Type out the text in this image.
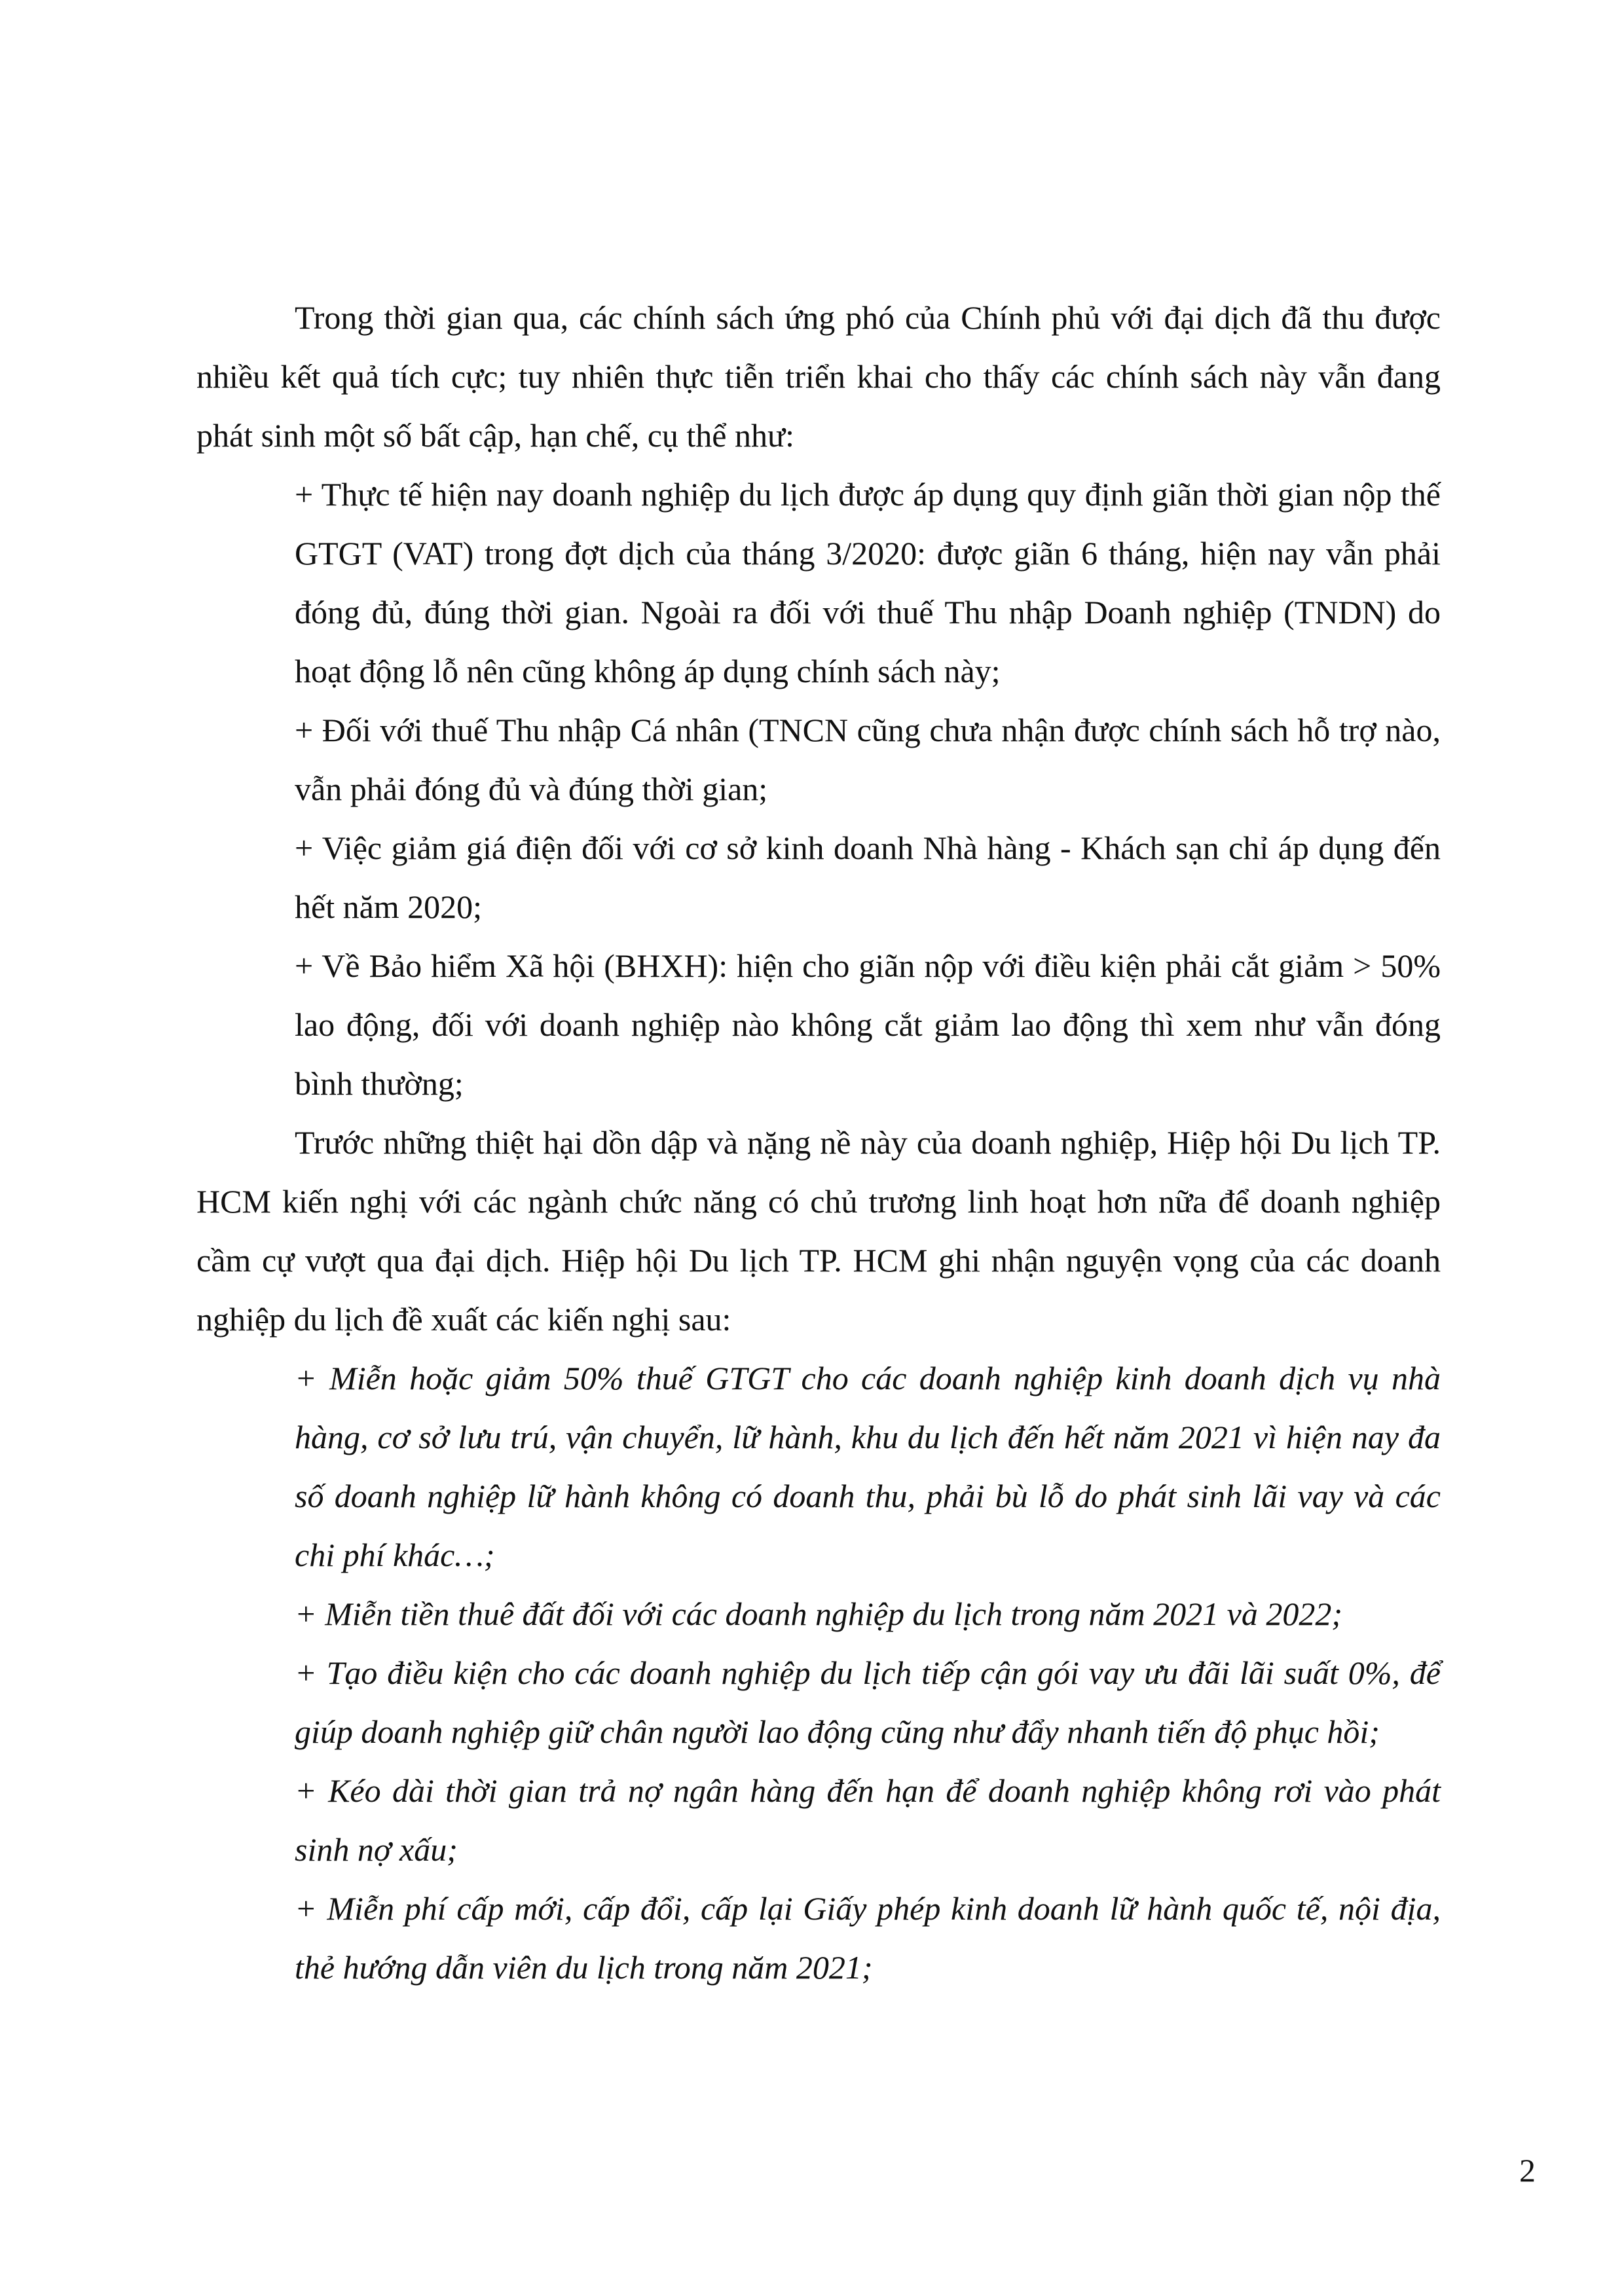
Trong thời gian qua, các chính sách ứng phó của Chính phủ với đại dịch đã thu được nhiều kết quả tích cực; tuy nhiên thực tiễn triển khai cho thấy các chính sách này vẫn đang phát sinh một số bất cập, hạn chế, cụ thể như:

+ Thực tế hiện nay doanh nghiệp du lịch được áp dụng quy định giãn thời gian nộp thế GTGT (VAT) trong đợt dịch của tháng 3/2020: được giãn 6 tháng, hiện nay vẫn phải đóng đủ, đúng thời gian. Ngoài ra đối với thuế Thu nhập Doanh nghiệp (TNDN) do hoạt động lỗ nên cũng không áp dụng chính sách này;

+ Đối với thuế Thu nhập Cá nhân (TNCN cũng chưa nhận được chính sách hỗ trợ nào, vẫn phải đóng đủ và đúng thời gian;

+ Việc giảm giá điện đối với cơ sở kinh doanh Nhà hàng - Khách sạn chỉ áp dụng đến hết năm 2020;

+ Về Bảo hiểm Xã hội (BHXH): hiện cho giãn nộp với điều kiện phải cắt giảm > 50% lao động, đối với doanh nghiệp nào không cắt giảm lao động thì xem như vẫn đóng bình thường;

Trước những thiệt hại dồn dập và nặng nề này của doanh nghiệp, Hiệp hội Du lịch TP. HCM kiến nghị với các ngành chức năng có chủ trương linh hoạt hơn nữa để doanh nghiệp cầm cự vượt qua đại dịch. Hiệp hội Du lịch TP. HCM ghi nhận nguyện vọng của các doanh nghiệp du lịch đề xuất các kiến nghị sau:

+ Miễn hoặc giảm 50% thuế GTGT cho các doanh nghiệp kinh doanh dịch vụ nhà hàng, cơ sở lưu trú, vận chuyển, lữ hành, khu du lịch đến hết năm 2021 vì hiện nay đa số doanh nghiệp lữ hành không có doanh thu, phải bù lỗ do phát sinh lãi vay và các chi phí khác…;

+ Miễn tiền thuê đất đối với các doanh nghiệp du lịch trong năm 2021 và 2022;

+ Tạo điều kiện cho các doanh nghiệp du lịch tiếp cận gói vay ưu đãi lãi suất 0%, để giúp doanh nghiệp giữ chân người lao động cũng như đẩy nhanh tiến độ phục hồi;

+ Kéo dài thời gian trả nợ ngân hàng đến hạn để doanh nghiệp không rơi vào phát sinh nợ xấu;

+ Miễn phí cấp mới, cấp đổi, cấp lại Giấy phép kinh doanh lữ hành quốc tế, nội địa, thẻ hướng dẫn viên du lịch trong năm 2021;

2
